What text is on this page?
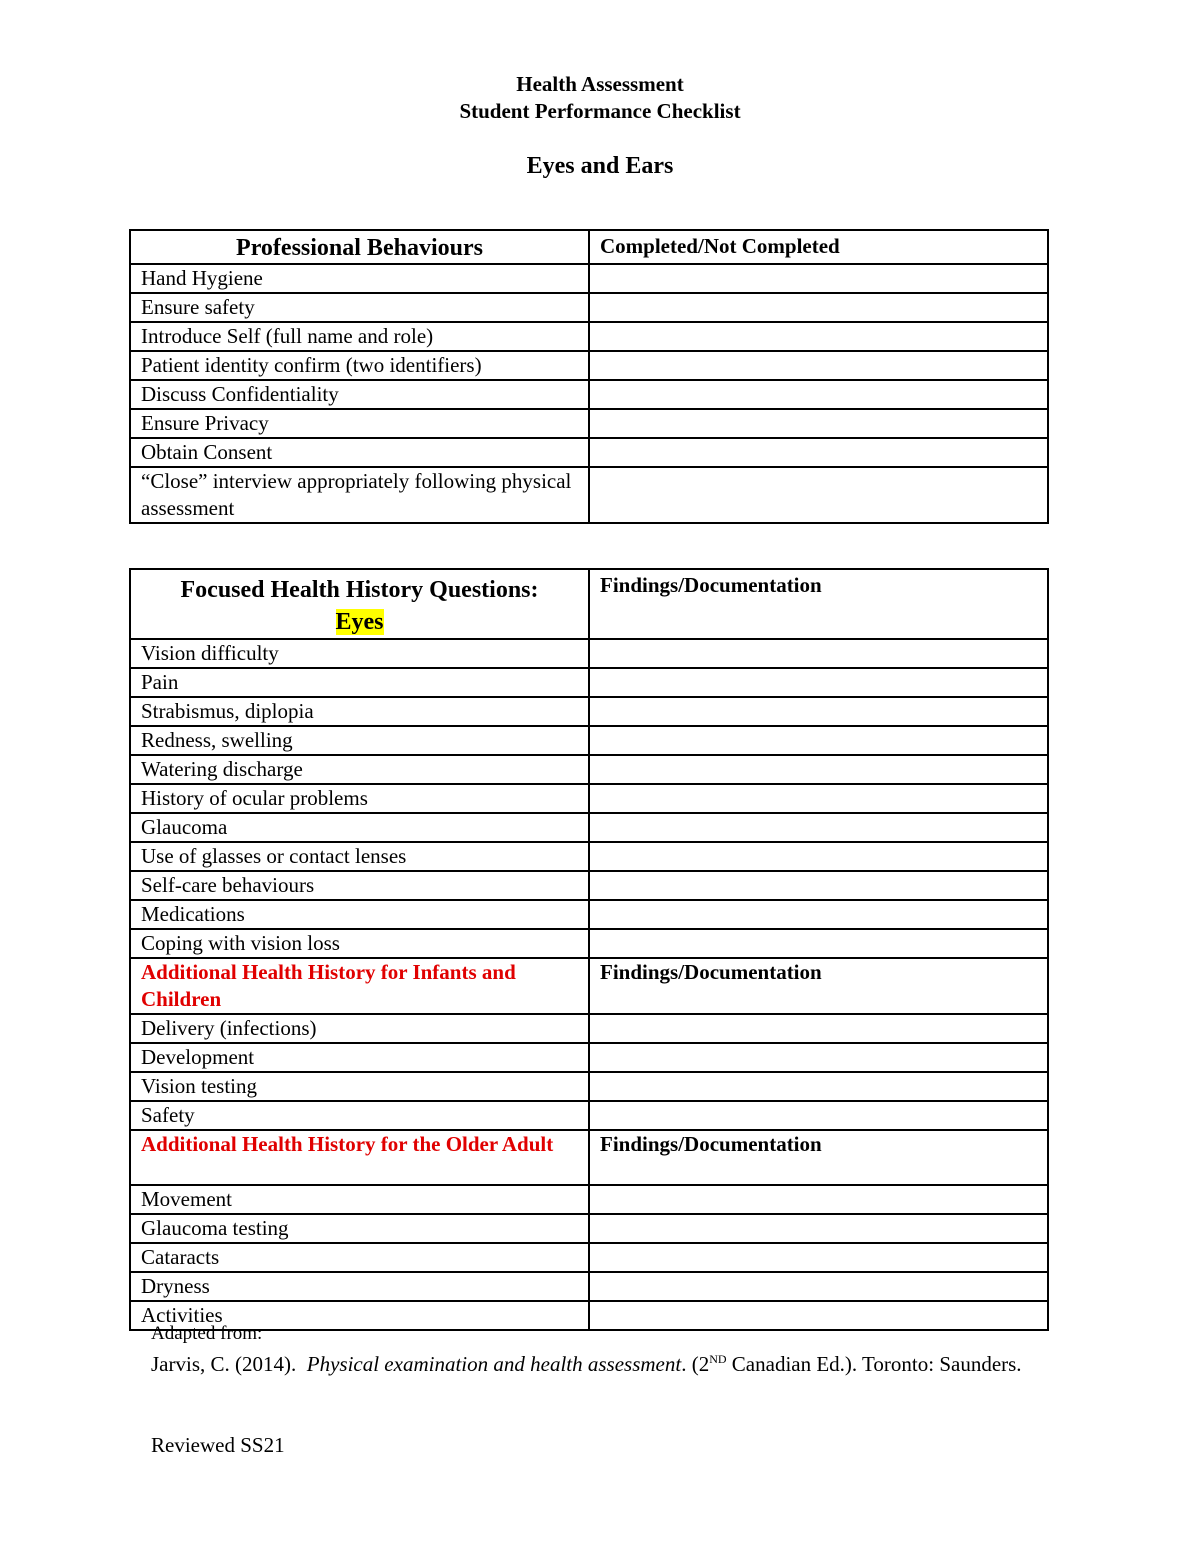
Health Assessment
Student Performance Checklist
Eyes and Ears
Professional Behaviours	Completed/Not Completed
Hand Hygiene	
Ensure safety	
Introduce Self (full name and role)	
Patient identity confirm (two identifiers)	
Discuss Confidentiality	
Ensure Privacy	
Obtain Consent	
“Close” interview appropriately following physical assessment	
Focused Health History Questions:
Eyes	Findings/Documentation
Vision difficulty	
Pain	
Strabismus, diplopia	
Redness, swelling	
Watering discharge	
History of ocular problems	
Glaucoma	
Use of glasses or contact lenses	
Self-care behaviours	
Medications	
Coping with vision loss	
Additional Health History for Infants and Children	Findings/Documentation
Delivery (infections)	
Development	
Vision testing	
Safety	
Additional Health History for the Older Adult	Findings/Documentation
Movement	
Glaucoma testing	
Cataracts	
Dryness	
Activities	
Adapted from:
Jarvis, C. (2014). Physical examination and health assessment. (2ND Canadian Ed.). Toronto: Saunders.
Reviewed SS21
